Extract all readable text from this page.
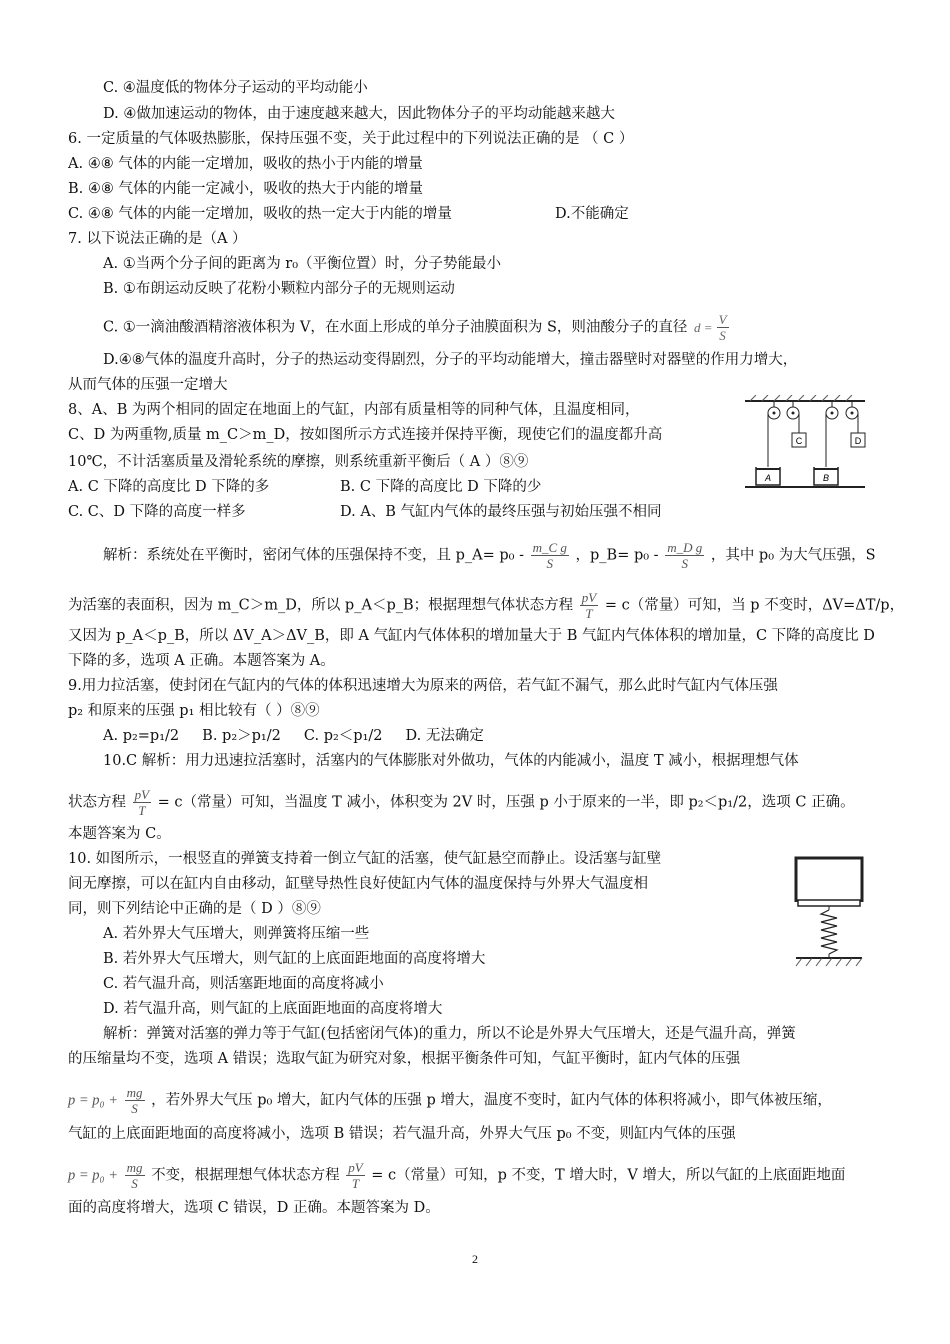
C. ④温度低的物体分子运动的平均动能小
D. ④做加速运动的物体，由于速度越来越大，因此物体分子的平均动能越来越大
6. 一定质量的气体吸热膨胀，保持压强不变，关于此过程中的下列说法正确的是 （ C ）
A. ④⑧ 气体的内能一定增加，吸收的热小于内能的增量
B. ④⑧ 气体的内能一定减小，吸收的热大于内能的增量
C. ④⑧ 气体的内能一定增加，吸收的热一定大于内能的增量	D.不能确定
7. 以下说法正确的是（A ）
A. ①当两个分子间的距离为 r₀（平衡位置）时，分子势能最小
B. ①布朗运动反映了花粉小颗粒内部分子的无规则运动
C. ①一滴油酸酒精溶液体积为 V，在水面上形成的单分子油膜面积为 S，则油酸分子的直径 $d = \frac{V}{S}$
D.④⑧气体的温度升高时，分子的热运动变得剧烈，分子的平均动能增大，撞击器壁时对器壁的作用力增大，
从而气体的压强一定增大
8、A、B 为两个相同的固定在地面上的气缸，内部有质量相等的同种气体，且温度相同，
C、D 为两重物,质量 m_C＞m_D，按如图所示方式连接并保持平衡，现使它们的温度都升高
10℃，不计活塞质量及滑轮系统的摩擦，则系统重新平衡后（ A ）⑧⑨
A. C 下降的高度比 D 下降的多	B. C 下降的高度比 D 下降的少
C. C、D 下降的高度一样多	D. A、B 气缸内气体的最终压强与初始压强不相同
C	D
A	B
解析：系统处在平衡时，密闭气体的压强保持不变，且 p_A= $p_0 - \frac{\text{m\_C g}}{S}$ ，p_B= $p_0 - \frac{\text{m\_D g}}{S}$ ，其中 p₀ 为大气压强，S
为活塞的表面积，因为 m_C＞m_D，所以 p_A＜p_B；根据理想气体状态方程 $\frac{pV}{T} = c$（常量）可知，当 p 不变时，ΔV=ΔT/p，
又因为 p_A＜p_B，所以 ΔV_A＞ΔV_B，即 A 气缸内气体体积的增加量大于 B 气缸内气体体积的增加量，C 下降的高度比 D
下降的多，选项 A 正确。本题答案为 A。
9.用力拉活塞，使封闭在气缸内的气体的体积迅速增大为原来的两倍，若气缸不漏气，那么此时气缸内气体压强
p₂ 和原来的压强 p₁ 相比较有（ ）⑧⑨
A. p₂=p₁/2     B. p₂＞p₁/2     C. p₂＜p₁/2     D. 无法确定
10.C 解析：用力迅速拉活塞时，活塞内的气体膨胀对外做功，气体的内能减小，温度 T 减小，根据理想气体
状态方程 $\frac{pV}{T} = c$（常量）可知，当温度 T 减小，体积变为 2V 时，压强 p 小于原来的一半，即 p₂＜p₁/2，选项 C 正确。
本题答案为 C。
10. 如图所示，一根竖直的弹簧支持着一倒立气缸的活塞，使气缸悬空而静止。设活塞与缸壁
间无摩擦，可以在缸内自由移动，缸壁导热性良好使缸内气体的温度保持与外界大气温度相
同，则下列结论中正确的是（ D ）⑧⑨
A. 若外界大气压增大，则弹簧将压缩一些
B. 若外界大气压增大，则气缸的上底面距地面的高度将增大
C. 若气温升高，则活塞距地面的高度将减小
D. 若气温升高，则气缸的上底面距地面的高度将增大
解析：弹簧对活塞的弹力等于气缸(包括密闭气体)的重力，所以不论是外界大气压增大，还是气温升高，弹簧
的压缩量均不变，选项 A 错误；选取气缸为研究对象，根据平衡条件可知，气缸平衡时，缸内气体的压强
$p = p_0 + \frac{mg}{S}$ ，若外界大气压 p₀ 增大，缸内气体的压强 p 增大，温度不变时，缸内气体的体积将减小，即气体被压缩，
气缸的上底面距地面的高度将减小，选项 B 错误；若气温升高，外界大气压 p₀ 不变，则缸内气体的压强
$p = p_0 + \frac{mg}{S}$ 不变，根据理想气体状态方程 $\frac{pV}{T} = c$（常量）可知，p 不变，T 增大时，V 增大，所以气缸的上底面距地面
面的高度将增大，选项 C 错误，D 正确。本题答案为 D。
2
